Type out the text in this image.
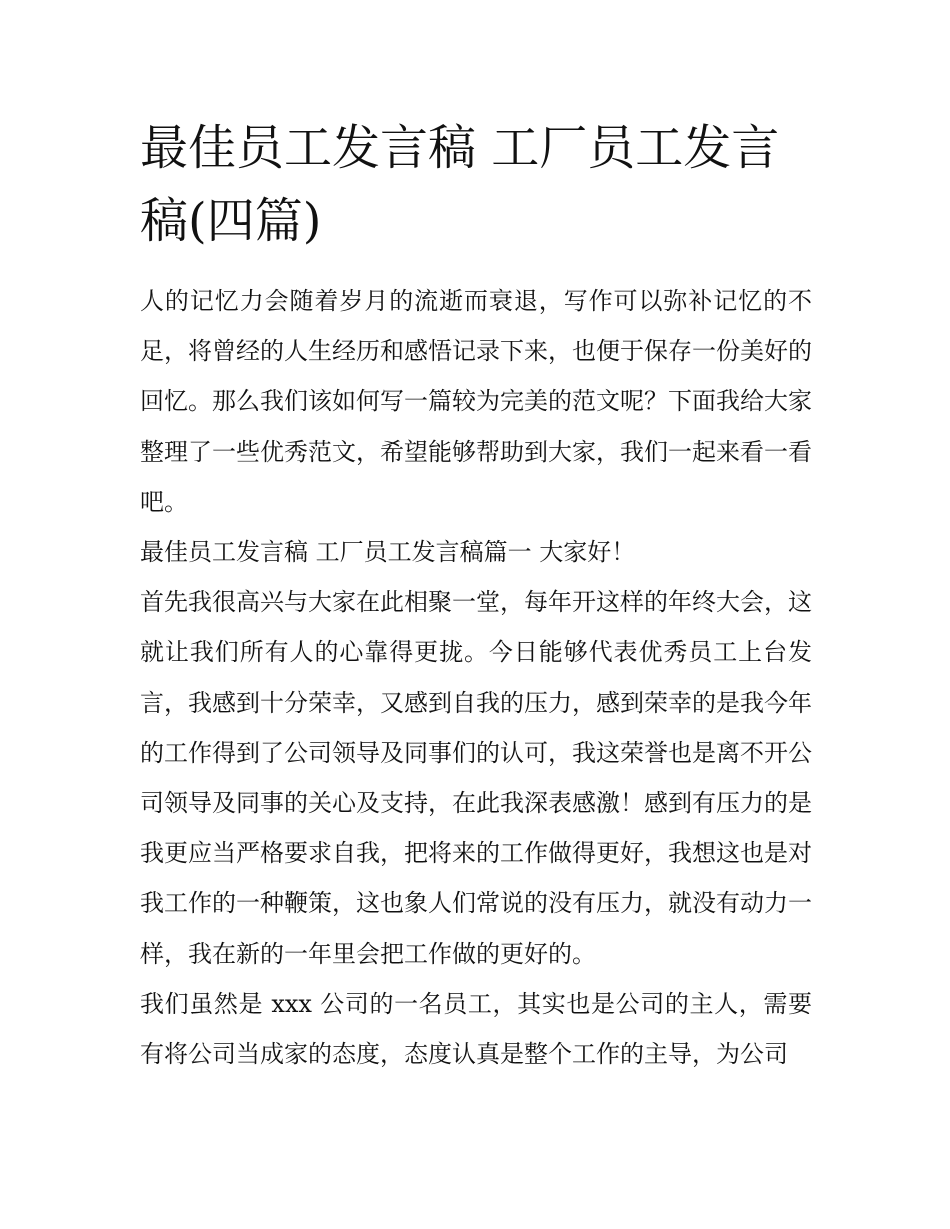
最佳员工发言稿 工厂员工发言稿(四篇)

人的记忆力会随着岁月的流逝而衰退，写作可以弥补记忆的不足，将曾经的人生经历和感悟记录下来，也便于保存一份美好的回忆。那么我们该如何写一篇较为完美的范文呢？下面我给大家整理了一些优秀范文，希望能够帮助到大家，我们一起来看一看吧。

最佳员工发言稿 工厂员工发言稿篇一 大家好！

首先我很高兴与大家在此相聚一堂，每年开这样的年终大会，这就让我们所有人的心靠得更拢。今日能够代表优秀员工上台发言，我感到十分荣幸，又感到自我的压力，感到荣幸的是我今年的工作得到了公司领导及同事们的认可，我这荣誉也是离不开公司领导及同事的关心及支持，在此我深表感激！感到有压力的是我更应当严格要求自我，把将来的工作做得更好，我想这也是对我工作的一种鞭策，这也象人们常说的没有压力，就没有动力一样，我在新的一年里会把工作做的更好的。

我们虽然是 xxx 公司的一名员工，其实也是公司的主人，需要有将公司当成家的态度，态度认真是整个工作的主导，为公司
